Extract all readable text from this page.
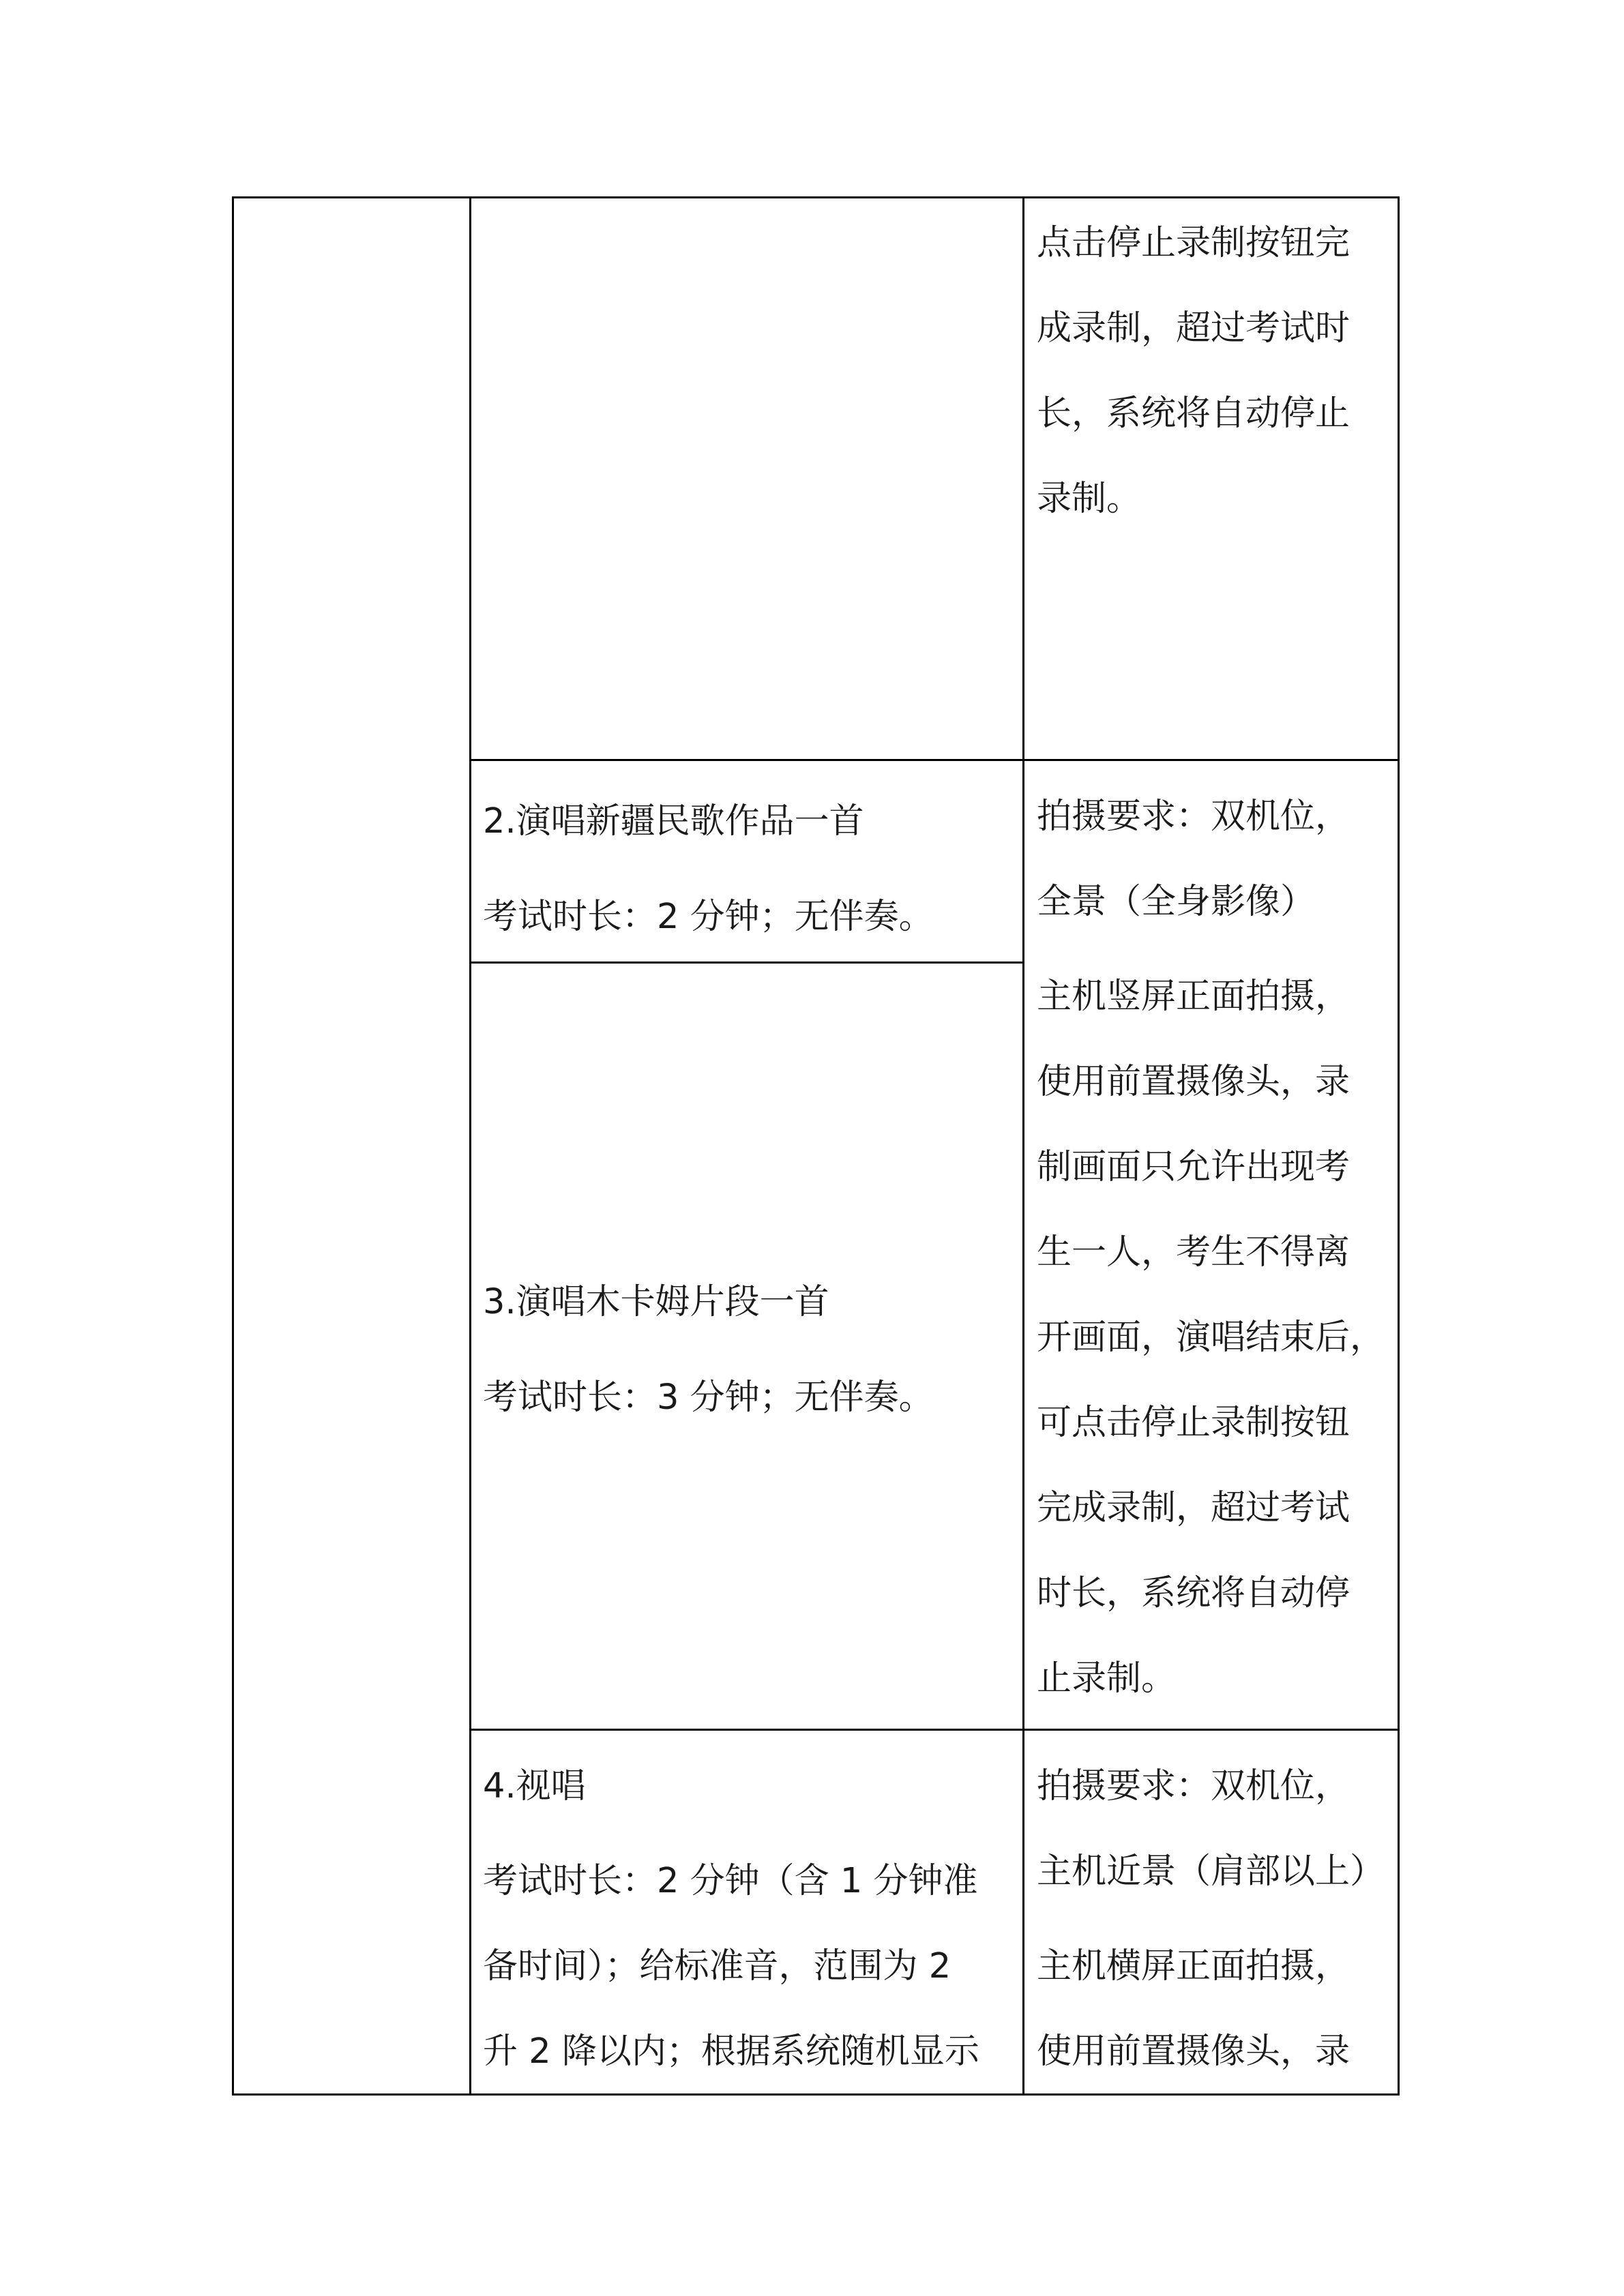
点击停止录制按钮完
成录制，超过考试时
长，系统将自动停止
录制。
2.演唱新疆民歌作品一首
考试时长：2 分钟；无伴奏。
拍摄要求：双机位，
全景（全身影像）
主机竖屏正面拍摄，
使用前置摄像头，录
制画面只允许出现考
生一人，考生不得离
开画面，演唱结束后，
可点击停止录制按钮
完成录制，超过考试
时长，系统将自动停
止录制。
3.演唱木卡姆片段一首
考试时长：3 分钟；无伴奏。
4.视唱
考试时长：2 分钟（含 1 分钟准
备时间）；给标准音，范围为 2
升 2 降以内；根据系统随机显示
拍摄要求：双机位，
主机近景（肩部以上）
主机横屏正面拍摄，
使用前置摄像头，录
